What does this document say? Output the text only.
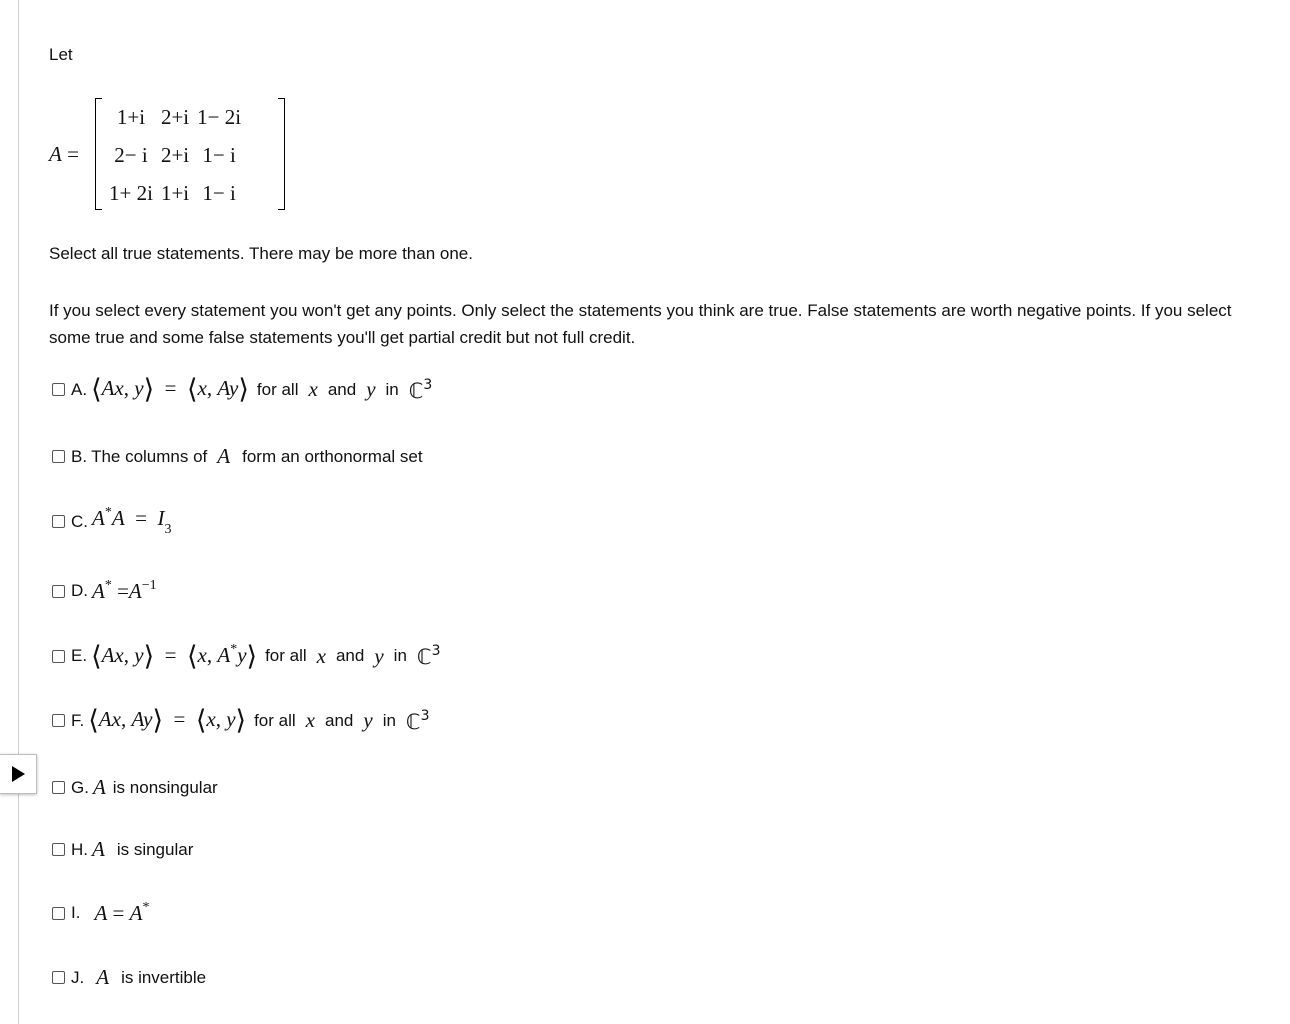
Let
A =
1+i	2+i	1− 2i
2− i	2+i	1− i
1+ 2i	1+i	1− i
Select all true statements. There may be more than one.
If you select every statement you won't get any points. Only select the statements you think are true. False statements are worth negative points. If you select some true and some false statements you'll get partial credit but not full credit.
A. ⟨Ax, y⟩ = ⟨x, Ay⟩ for all x and y in ℂ$^3$
B. The columns of A form an orthonormal set
C. $A^*A = I_3$
D. $A^* =A^{-1}$
E. ⟨Ax, y⟩ = ⟨x, A*y⟩ for all x and y in ℂ$^3$
F. ⟨Ax, Ay⟩ = ⟨x, y⟩ for all x and y in ℂ$^3$
G. A is nonsingular
H. A is singular
I. A = A*
J. A is invertible
